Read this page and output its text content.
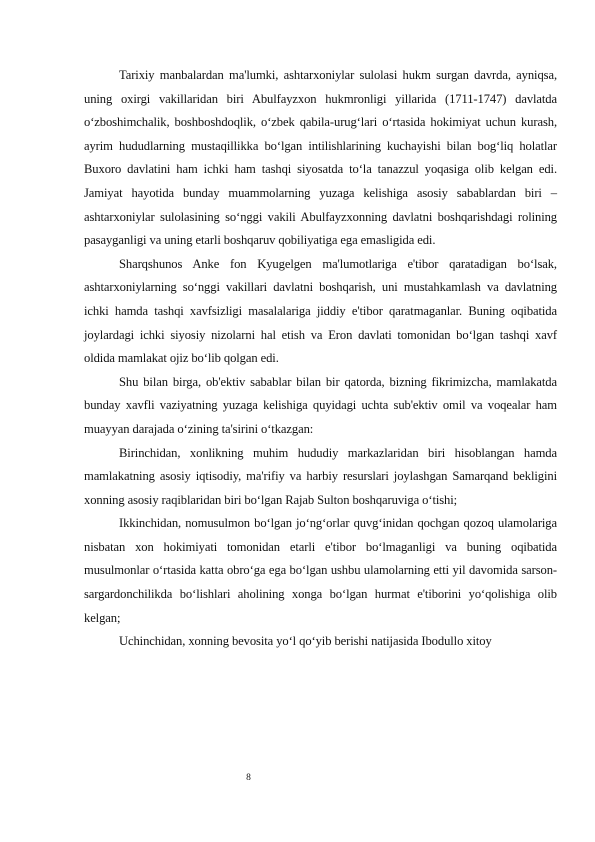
Tarixiy manbalardan ma'lumki, ashtarxoniylar sulolasi hukm surgan davrda, ayniqsa, uning oxirgi vakillaridan biri Abulfayzxon hukmronligi yillarida (1711-1747) davlatda o‘zboshimchalik, boshboshdoqlik, o‘zbek qabila-urug‘lari o‘rtasida hokimiyat uchun kurash, ayrim hududlarning mustaqillikka bo‘lgan intilishlarining kuchayishi bilan bog‘liq holatlar Buxoro davlatini ham ichki ham tashqi siyosatda to‘la tanazzul yoqasiga olib kelgan edi. Jamiyat hayotida bunday muammolarning yuzaga kelishiga asosiy sabablardan biri – ashtarxoniylar sulolasining so‘nggi vakili Abulfayzxonning davlatni boshqarishdagi rolining pasayganligi va uning etarli boshqaruv qobiliyatiga ega emasligida edi.

Sharqshunos Anke fon Kyugelgen ma'lumotlariga e'tibor qaratadigan bo‘lsak, ashtarxoniylarning so‘nggi vakillari davlatni boshqarish, uni mustahkamlash va davlatning ichki hamda tashqi xavfsizligi masalalariga jiddiy e'tibor qaratmaganlar. Buning oqibatida joylardagi ichki siyosiy nizolarni hal etish va Eron davlati tomonidan bo‘lgan tashqi xavf oldida mamlakat ojiz bo‘lib qolgan edi.

Shu bilan birga, ob'ektiv sabablar bilan bir qatorda, bizning fikrimizcha, mamlakatda bunday xavfli vaziyatning yuzaga kelishiga quyidagi uchta sub'ektiv omil va voqealar ham muayyan darajada o‘zining ta'sirini o‘tkazgan:

Birinchidan, xonlikning muhim hududiy markazlaridan biri hisoblangan hamda mamlakatning asosiy iqtisodiy, ma'rifiy va harbiy resurslari joylashgan Samarqand bekligini xonning asosiy raqiblaridan biri bo‘lgan Rajab Sulton boshqaruviga o‘tishi;

Ikkinchidan, nomusulmon bo‘lgan jo‘ng‘orlar quvg‘inidan qochgan qozoq ulamolariga nisbatan xon hokimiyati tomonidan etarli e'tibor bo‘lmaganligi va buning oqibatida musulmonlar o‘rtasida katta obro‘ga ega bo‘lgan ushbu ulamolarning etti yil davomida sarson-sargardonchilikda bo‘lishlari aholining xonga bo‘lgan hurmat e'tiborini yo‘qolishiga olib kelgan;

Uchinchidan, xonning bevosita yo‘l qo‘yib berishi natijasida Ibodullo xitoy

8
